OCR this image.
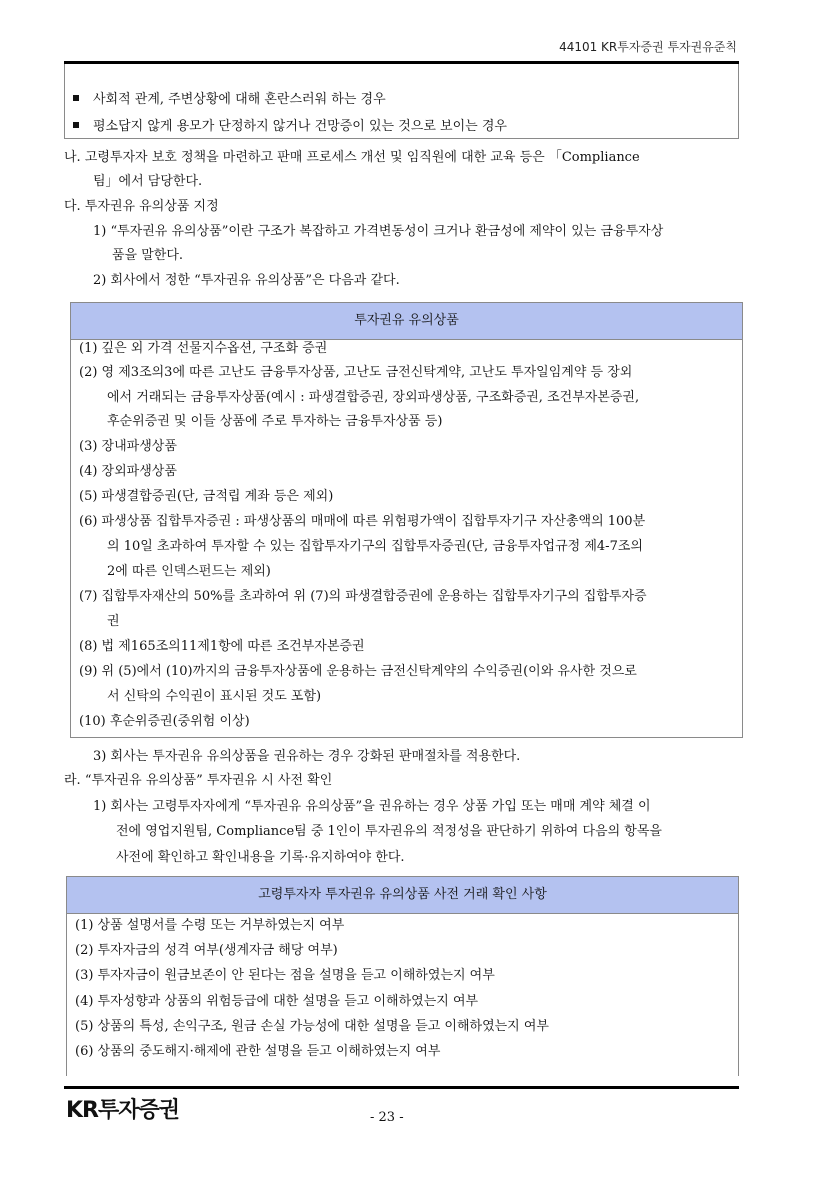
44101 KR투자증권 투자권유준칙
사회적 관계, 주변상황에 대해 혼란스러워 하는 경우
평소답지 않게 용모가 단정하지 않거나 건망증이 있는 것으로 보이는 경우
나. 고령투자자 보호 정책을 마련하고 판매 프로세스 개선 및 임직원에 대한 교육 등은 「Compliance
팀」에서 담당한다.
다. 투자권유 유의상품 지정
1) “투자권유 유의상품”이란 구조가 복잡하고 가격변동성이 크거나 환금성에 제약이 있는 금융투자상
품을 말한다.
2) 회사에서 정한 “투자권유 유의상품”은 다음과 같다.
투자권유 유의상품
(1) 깊은 외 가격 선물지수옵션, 구조화 증권
(2) 영 제3조의3에 따른 고난도 금융투자상품, 고난도 금전신탁계약, 고난도 투자일임계약 등 장외
에서 거래되는 금융투자상품(예시 : 파생결합증권, 장외파생상품, 구조화증권, 조건부자본증권,
후순위증권 및 이들 상품에 주로 투자하는 금융투자상품 등)
(3) 장내파생상품
(4) 장외파생상품
(5) 파생결합증권(단, 금적립 계좌 등은 제외)
(6) 파생상품 집합투자증권 : 파생상품의 매매에 따른 위험평가액이 집합투자기구 자산총액의 100분
의 10일 초과하여 투자할 수 있는 집합투자기구의 집합투자증권(단, 금융투자업규정 제4-7조의
2에 따른 인덱스펀드는 제외)
(7) 집합투자재산의 50%를 초과하여 위 (7)의 파생결합증권에 운용하는 집합투자기구의 집합투자증
권
(8) 법 제165조의11제1항에 따른 조건부자본증권
(9) 위 (5)에서 (10)까지의 금융투자상품에 운용하는 금전신탁계약의 수익증권(이와 유사한 것으로
서 신탁의 수익권이 표시된 것도 포함)
(10) 후순위증권(중위험 이상)
3) 회사는 투자권유 유의상품을 권유하는 경우 강화된 판매절차를 적용한다.
라. “투자권유 유의상품” 투자권유 시 사전 확인
1) 회사는 고령투자자에게 “투자권유 유의상품”을 권유하는 경우 상품 가입 또는 매매 계약 체결 이
전에 영업지원팀, Compliance팀 중 1인이 투자권유의 적정성을 판단하기 위하여 다음의 항목을
사전에 확인하고 확인내용을 기록·유지하여야 한다.
고령투자자 투자권유 유의상품 사전 거래 확인 사항
(1) 상품 설명서를 수령 또는 거부하였는지 여부
(2) 투자자금의 성격 여부(생계자금 해당 여부)
(3) 투자자금이 원금보존이 안 된다는 점을 설명을 듣고 이해하였는지 여부
(4) 투자성향과 상품의 위험등급에 대한 설명을 듣고 이해하였는지 여부
(5) 상품의 특성, 손익구조, 원금 손실 가능성에 대한 설명을 듣고 이해하였는지 여부
(6) 상품의 중도해지·해제에 관한 설명을 듣고 이해하였는지 여부
KR투자증권	- 23 -
